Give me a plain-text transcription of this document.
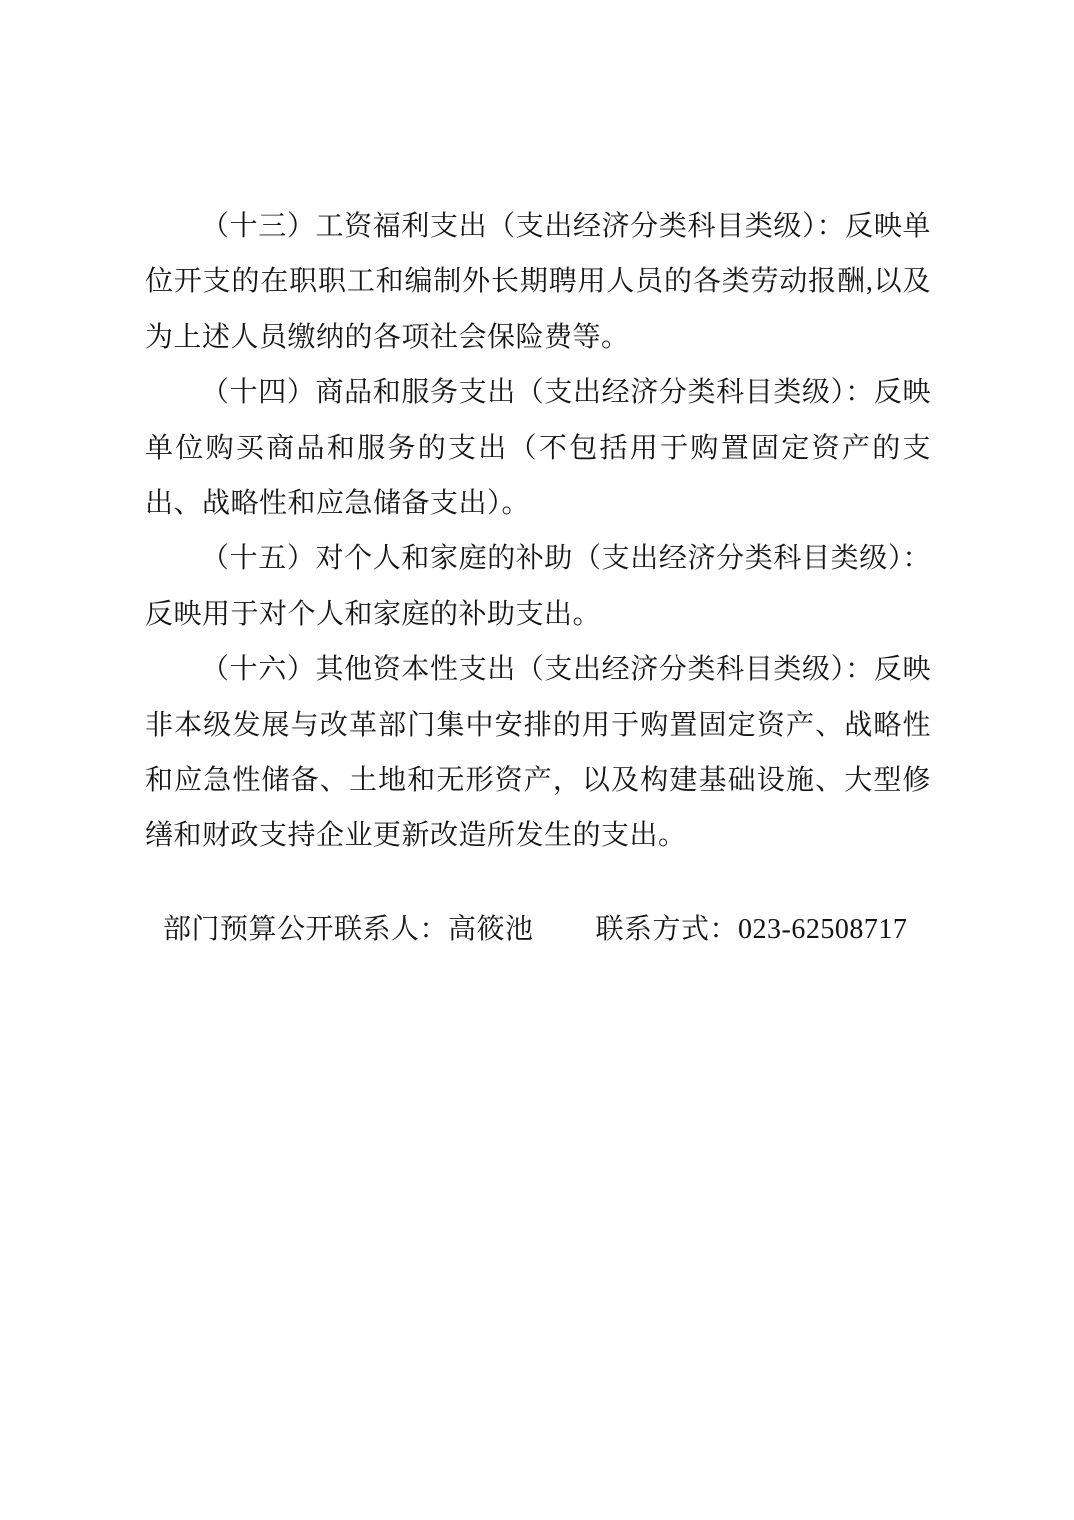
（十三）工资福利支出（支出经济分类科目类级）：反映单位开支的在职职工和编制外长期聘用人员的各类劳动报酬,以及为上述人员缴纳的各项社会保险费等。

（十四）商品和服务支出（支出经济分类科目类级）：反映单位购买商品和服务的支出（不包括用于购置固定资产的支出、战略性和应急储备支出）。

（十五）对个人和家庭的补助（支出经济分类科目类级）：反映用于对个人和家庭的补助支出。

（十六）其他资本性支出（支出经济分类科目类级）：反映非本级发展与改革部门集中安排的用于购置固定资产、战略性和应急性储备、土地和无形资产，以及构建基础设施、大型修缮和财政支持企业更新改造所发生的支出。

部门预算公开联系人：高筱池 联系方式：023-62508717
